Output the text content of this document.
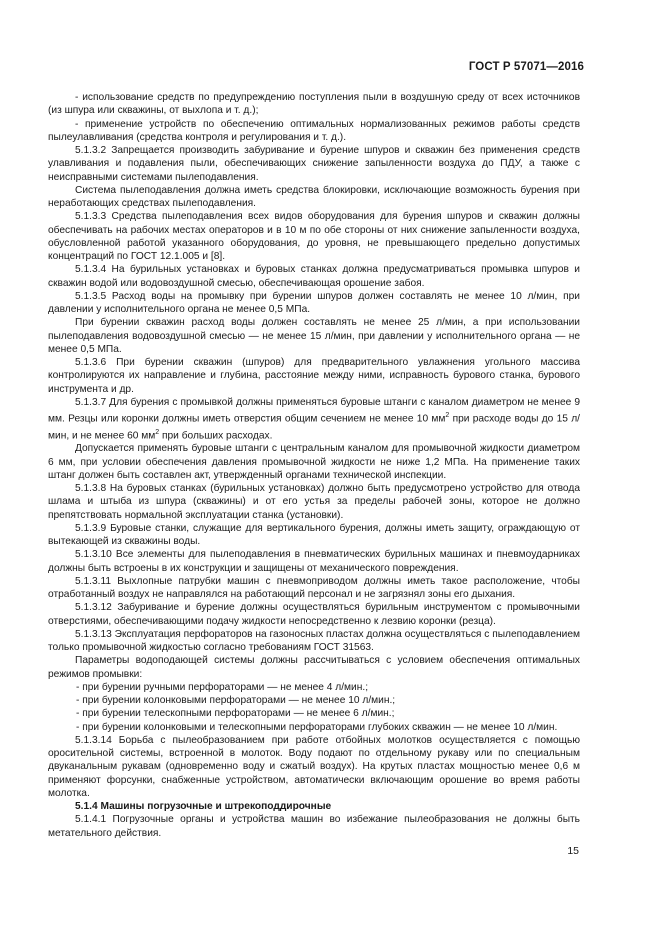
ГОСТ Р 57071—2016

- использование средств по предупреждению поступления пыли в воздушную среду от всех источников (из шпура или скважины, от выхлопа и т. д.);

- применение устройств по обеспечению оптимальных нормализованных режимов работы средств пылеулавливания (средства контроля и регулирования и т. д.).

5.1.3.2 Запрещается производить забуривание и бурение шпуров и скважин без применения средств улавливания и подавления пыли, обеспечивающих снижение запыленности воздуха до ПДУ, а также с неисправными системами пылеподавления.

Система пылеподавления должна иметь средства блокировки, исключающие возможность бурения при неработающих средствах пылеподавления.

5.1.3.3 Средства пылеподавления всех видов оборудования для бурения шпуров и скважин должны обеспечивать на рабочих местах операторов и в 10 м по обе стороны от них снижение запыленности воздуха, обусловленной работой указанного оборудования, до уровня, не превышающего предельно допустимых концентраций по ГОСТ 12.1.005 и [8].

5.1.3.4 На бурильных установках и буровых станках должна предусматриваться промывка шпуров и скважин водой или водовоздушной смесью, обеспечивающая орошение забоя.

5.1.3.5 Расход воды на промывку при бурении шпуров должен составлять не менее 10 л/мин, при давлении у исполнительного органа не менее 0,5 МПа.

При бурении скважин расход воды должен составлять не менее 25 л/мин, а при использовании пылеподавления водовоздушной смесью — не менее 15 л/мин, при давлении у исполнительного органа — не менее 0,5 МПа.

5.1.3.6 При бурении скважин (шпуров) для предварительного увлажнения угольного массива контролируются их направление и глубина, расстояние между ними, исправность бурового станка, бурового инструмента и др.

5.1.3.7 Для бурения с промывкой должны применяться буровые штанги с каналом диаметром не менее 9 мм. Резцы или коронки должны иметь отверстия общим сечением не менее 10 $мм^2$ при расходе воды до 15 л/мин, и не менее 60 $мм^2$ при больших расходах.

Допускается применять буровые штанги с центральным каналом для промывочной жидкости диаметром 6 мм, при условии обеспечения давления промывочной жидкости не ниже 1,2 МПа. На применение таких штанг должен быть составлен акт, утвержденный органами технической инспекции.

5.1.3.8 На буровых станках (бурильных установках) должно быть предусмотрено устройство для отвода шлама и штыба из шпура (скважины) и от его устья за пределы рабочей зоны, которое не должно препятствовать нормальной эксплуатации станка (установки).

5.1.3.9 Буровые станки, служащие для вертикального бурения, должны иметь защиту, ограждающую от вытекающей из скважины воды.

5.1.3.10 Все элементы для пылеподавления в пневматических бурильных машинах и пневмоударниках должны быть встроены в их конструкции и защищены от механического повреждения.

5.1.3.11 Выхлопные патрубки машин с пневмоприводом должны иметь такое расположение, чтобы отработанный воздух не направлялся на работающий персонал и не загрязнял зоны его дыхания.

5.1.3.12 Забуривание и бурение должны осуществляться бурильным инструментом с промывочными отверстиями, обеспечивающими подачу жидкости непосредственно к лезвию коронки (резца).

5.1.3.13 Эксплуатация перфораторов на газоносных пластах должна осуществляться с пылеподавлением только промывочной жидкостью согласно требованиям ГОСТ 31563.

Параметры водоподающей системы должны рассчитываться с условием обеспечения оптимальных режимов промывки:

- при бурении ручными перфораторами — не менее 4 л/мин.;

- при бурении колонковыми перфораторами — не менее 10 л/мин.;

- при бурении телескопными перфораторами — не менее 6 л/мин.;

- при бурении колонковыми и телескопными перфораторами глубоких скважин — не менее 10 л/мин.

5.1.3.14 Борьба с пылеобразованием при работе отбойных молотков осуществляется с помощью оросительной системы, встроенной в молоток. Воду подают по отдельному рукаву или по специальным двуканальным рукавам (одновременно воду и сжатый воздух). На крутых пластах мощностью менее 0,6 м применяют форсунки, снабженные устройством, автоматически включающим орошение во время работы молотка.

5.1.4 Машины погрузочные и штрекоподдирочные

5.1.4.1 Погрузочные органы и устройства машин во избежание пылеобразования не должны быть метательного действия.

15
